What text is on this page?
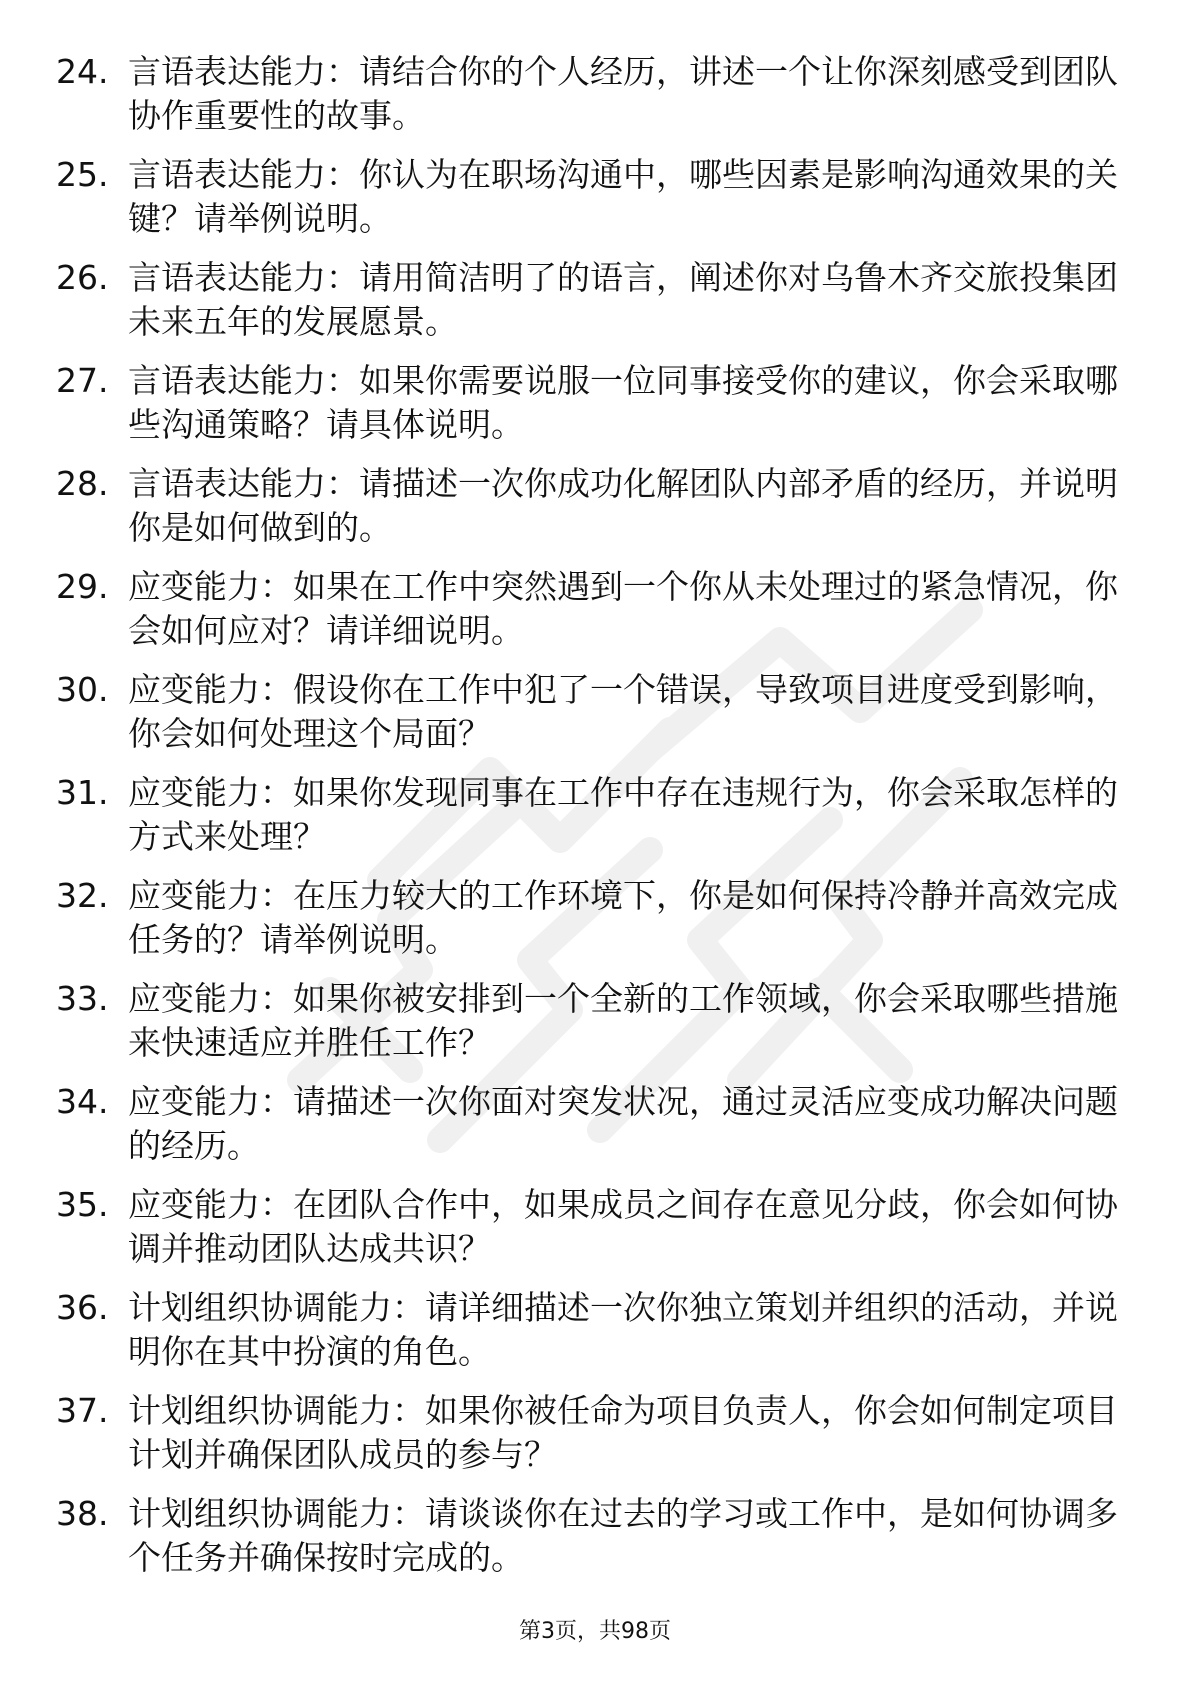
24. 言语表达能力：请结合你的个人经历，讲述一个让你深刻感受到团队协作重要性的故事。
25. 言语表达能力：你认为在职场沟通中，哪些因素是影响沟通效果的关键？请举例说明。
26. 言语表达能力：请用简洁明了的语言，阐述你对乌鲁木齐交旅投集团未来五年的发展愿景。
27. 言语表达能力：如果你需要说服一位同事接受你的建议，你会采取哪些沟通策略？请具体说明。
28. 言语表达能力：请描述一次你成功化解团队内部矛盾的经历，并说明你是如何做到的。
29. 应变能力：如果在工作中突然遇到一个你从未处理过的紧急情况，你会如何应对？请详细说明。
30. 应变能力：假设你在工作中犯了一个错误，导致项目进度受到影响，你会如何处理这个局面？
31. 应变能力：如果你发现同事在工作中存在违规行为，你会采取怎样的方式来处理？
32. 应变能力：在压力较大的工作环境下，你是如何保持冷静并高效完成任务的？请举例说明。
33. 应变能力：如果你被安排到一个全新的工作领域，你会采取哪些措施来快速适应并胜任工作？
34. 应变能力：请描述一次你面对突发状况，通过灵活应变成功解决问题的经历。
35. 应变能力：在团队合作中，如果成员之间存在意见分歧，你会如何协调并推动团队达成共识？
36. 计划组织协调能力：请详细描述一次你独立策划并组织的活动，并说明你在其中扮演的角色。
37. 计划组织协调能力：如果你被任命为项目负责人，你会如何制定项目计划并确保团队成员的参与？
38. 计划组织协调能力：请谈谈你在过去的学习或工作中，是如何协调多个任务并确保按时完成的。
第3页，共98页
